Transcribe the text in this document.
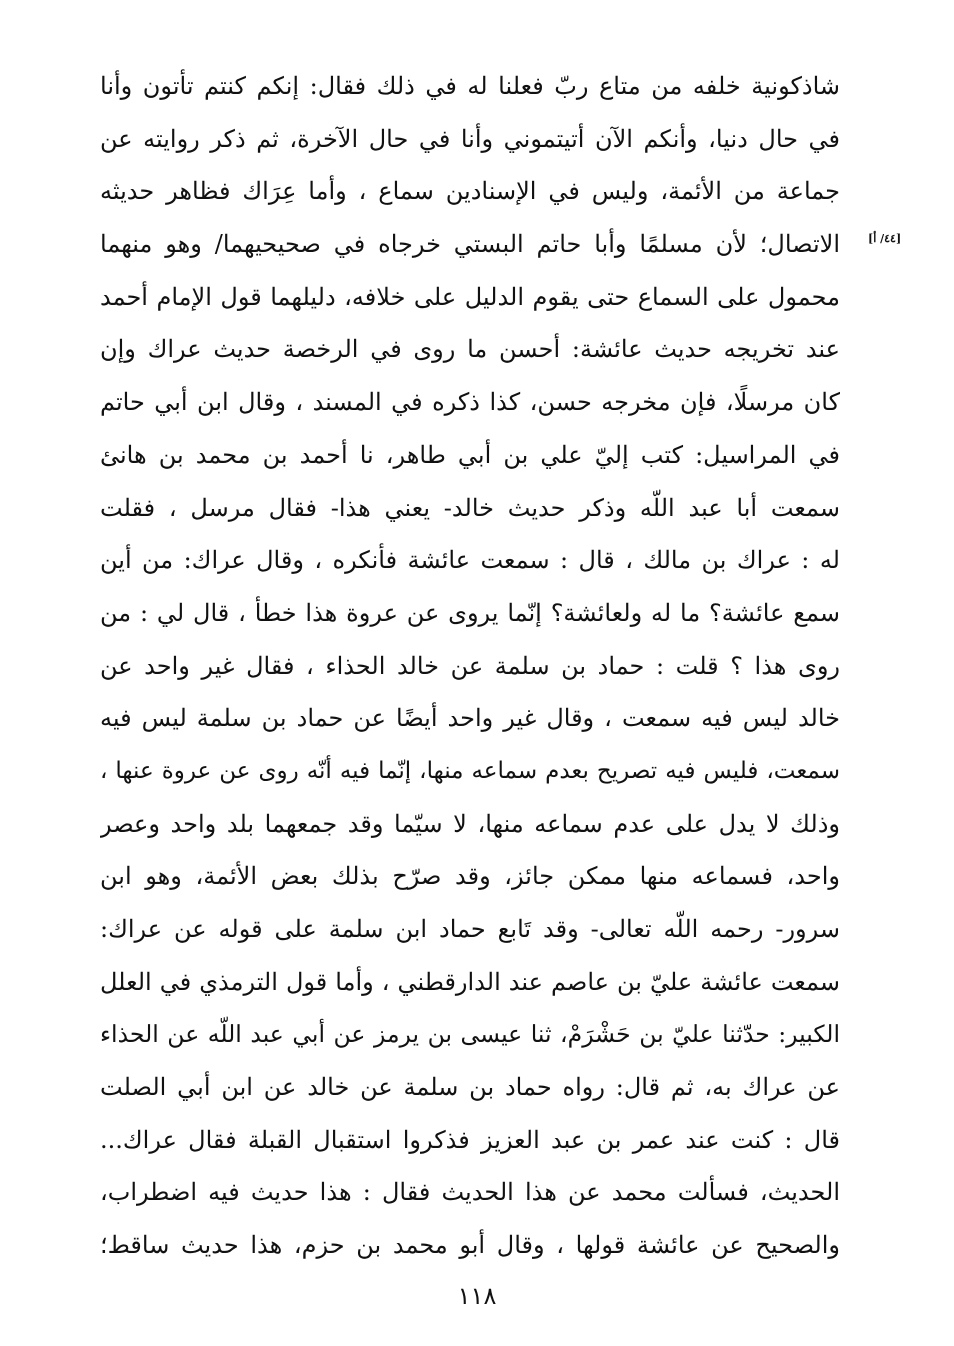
[٤٤/ أ]
شاذكونية خلفه من متاع ربّ فعلنا له في ذلك فقال: إنكم كنتم تأتون وأنا
في حال دنيا، وأنكم الآن أتيتموني وأنا في حال الآخرة، ثم ذكر روايته عن
جماعة من الأئمة، وليس في الإسنادين سماع ، وأما عِرَاك فظاهر حديثه
الاتصال؛ لأن مسلمًا وأبا حاتم البستي خرجاه في صحيحيهما/ وهو منهما
محمول على السماع حتى يقوم الدليل على خلافه، دليلهما قول الإمام أحمد
عند تخريجه حديث عائشة: أحسن ما روى في الرخصة حديث عراك وإن
كان مرسلًا، فإن مخرجه حسن، كذا ذكره في المسند ، وقال ابن أبي حاتم
في المراسيل: كتب إليّ علي بن أبي طاهر، نا أحمد بن محمد بن هانئ
سمعت أبا عبد اللّه وذكر حديث خالد- يعني هذا- فقال مرسل ، فقلت
له : عراك بن مالك ، قال : سمعت عائشة فأنكره ، وقال عراك: من أين
سمع عائشة؟ ما له ولعائشة؟ إنّما يروى عن عروة هذا خطأ ، قال لي : من
روى هذا ؟ قلت : حماد بن سلمة عن خالد الحذاء ، فقال غير واحد عن
خالد ليس فيه سمعت ، وقال غير واحد أيضًا عن حماد بن سلمة ليس فيه
سمعت، فليس فيه تصريح بعدم سماعه منها، إنّما فيه أنّه روى عن عروة عنها ،
وذلك لا يدل على عدم سماعه منها، لا سيّما وقد جمعهما بلد واحد وعصر
واحد، فسماعه منها ممكن جائز، وقد صرّح بذلك بعض الأئمة، وهو ابن
سرور- رحمه اللّه تعالى- وقد تَابع حماد ابن سلمة على قوله عن عراك:
سمعت عائشة عليّ بن عاصم عند الدارقطني ، وأما قول الترمذي في العلل
الكبير: حدّثنا عليّ بن حَشْرَمْ، ثنا عيسى بن يرمز عن أبي عبد اللّه عن الحذاء
عن عراك به، ثم قال: رواه حماد بن سلمة عن خالد عن ابن أبي الصلت
قال : كنت عند عمر بن عبد العزيز فذكروا استقبال القبلة فقال عراك...
الحديث، فسألت محمد عن هذا الحديث فقال : هذا حديث فيه اضطراب،
والصحيح عن عائشة قولها ، وقال أبو محمد بن حزم، هذا حديث ساقط؛
١١٨
